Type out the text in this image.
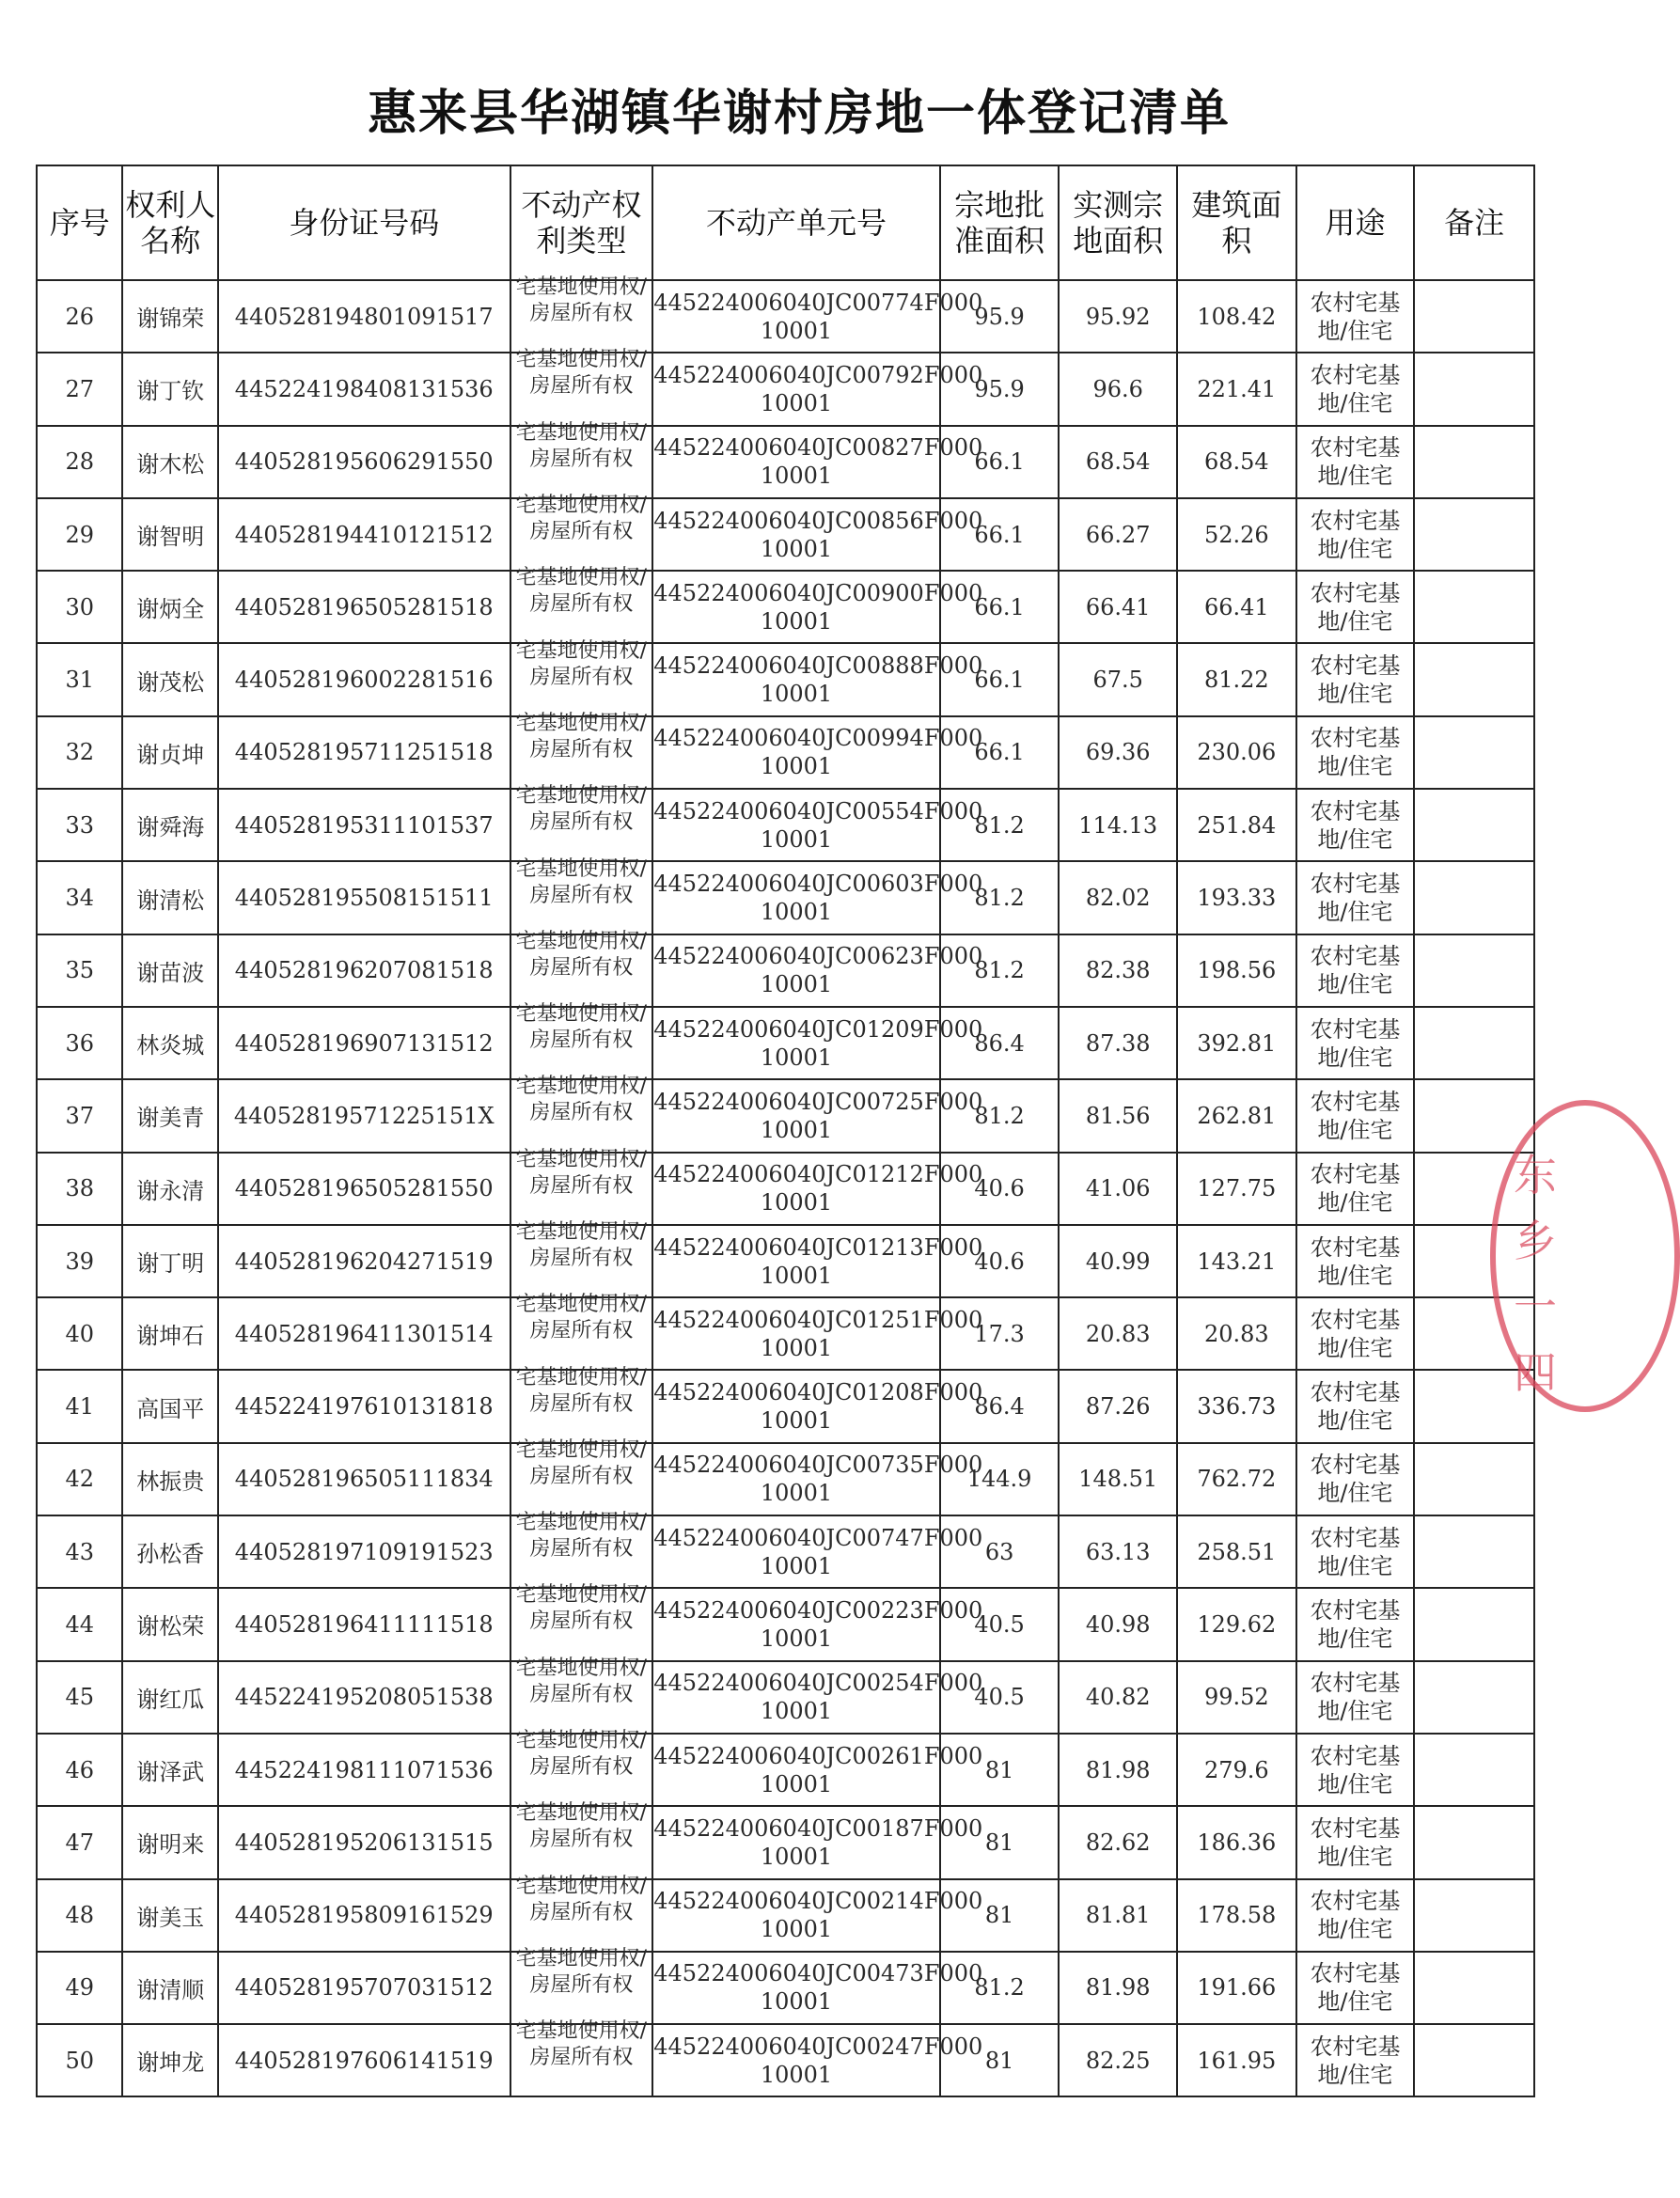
惠来县华湖镇华谢村房地一体登记清单
序号	权利人名称	身份证号码	不动产权利类型	不动产单元号	宗地批准面积	实测宗地面积	建筑面积	用途	备注
26	谢锦荣	440528194801091517	宅基地使用权/房屋所有权	445224006040JC00774F000 10001	95.9	95.92	108.42	农村宅基地/住宅	
27	谢丁钦	445224198408131536	宅基地使用权/房屋所有权	445224006040JC00792F000 10001	95.9	96.6	221.41	农村宅基地/住宅	
28	谢木松	440528195606291550	宅基地使用权/房屋所有权	445224006040JC00827F000 10001	66.1	68.54	68.54	农村宅基地/住宅	
29	谢智明	440528194410121512	宅基地使用权/房屋所有权	445224006040JC00856F000 10001	66.1	66.27	52.26	农村宅基地/住宅	
30	谢炳全	440528196505281518	宅基地使用权/房屋所有权	445224006040JC00900F000 10001	66.1	66.41	66.41	农村宅基地/住宅	
31	谢茂松	440528196002281516	宅基地使用权/房屋所有权	445224006040JC00888F000 10001	66.1	67.5	81.22	农村宅基地/住宅	
32	谢贞坤	440528195711251518	宅基地使用权/房屋所有权	445224006040JC00994F000 10001	66.1	69.36	230.06	农村宅基地/住宅	
33	谢舜海	440528195311101537	宅基地使用权/房屋所有权	445224006040JC00554F000 10001	81.2	114.13	251.84	农村宅基地/住宅	
34	谢清松	440528195508151511	宅基地使用权/房屋所有权	445224006040JC00603F000 10001	81.2	82.02	193.33	农村宅基地/住宅	
35	谢苗波	440528196207081518	宅基地使用权/房屋所有权	445224006040JC00623F000 10001	81.2	82.38	198.56	农村宅基地/住宅	
36	林炎城	440528196907131512	宅基地使用权/房屋所有权	445224006040JC01209F000 10001	86.4	87.38	392.81	农村宅基地/住宅	
37	谢美青	44052819571225151X	宅基地使用权/房屋所有权	445224006040JC00725F000 10001	81.2	81.56	262.81	农村宅基地/住宅	
38	谢永清	440528196505281550	宅基地使用权/房屋所有权	445224006040JC01212F000 10001	40.6	41.06	127.75	农村宅基地/住宅	
39	谢丁明	440528196204271519	宅基地使用权/房屋所有权	445224006040JC01213F000 10001	40.6	40.99	143.21	农村宅基地/住宅	
40	谢坤石	440528196411301514	宅基地使用权/房屋所有权	445224006040JC01251F000 10001	17.3	20.83	20.83	农村宅基地/住宅	
41	高国平	445224197610131818	宅基地使用权/房屋所有权	445224006040JC01208F000 10001	86.4	87.26	336.73	农村宅基地/住宅	
42	林振贵	440528196505111834	宅基地使用权/房屋所有权	445224006040JC00735F000 10001	144.9	148.51	762.72	农村宅基地/住宅	
43	孙松香	440528197109191523	宅基地使用权/房屋所有权	445224006040JC00747F000 10001	63	63.13	258.51	农村宅基地/住宅	
44	谢松荣	440528196411111518	宅基地使用权/房屋所有权	445224006040JC00223F000 10001	40.5	40.98	129.62	农村宅基地/住宅	
45	谢红瓜	445224195208051538	宅基地使用权/房屋所有权	445224006040JC00254F000 10001	40.5	40.82	99.52	农村宅基地/住宅	
46	谢泽武	445224198111071536	宅基地使用权/房屋所有权	445224006040JC00261F000 10001	81	81.98	279.6	农村宅基地/住宅	
47	谢明来	440528195206131515	宅基地使用权/房屋所有权	445224006040JC00187F000 10001	81	82.62	186.36	农村宅基地/住宅	
48	谢美玉	440528195809161529	宅基地使用权/房屋所有权	445224006040JC00214F000 10001	81	81.81	178.58	农村宅基地/住宅	
49	谢清顺	440528195707031512	宅基地使用权/房屋所有权	445224006040JC00473F000 10001	81.2	81.98	191.66	农村宅基地/住宅	
50	谢坤龙	440528197606141519	宅基地使用权/房屋所有权	445224006040JC00247F000 10001	81	82.25	161.95	农村宅基地/住宅	
东
乡
一
四
